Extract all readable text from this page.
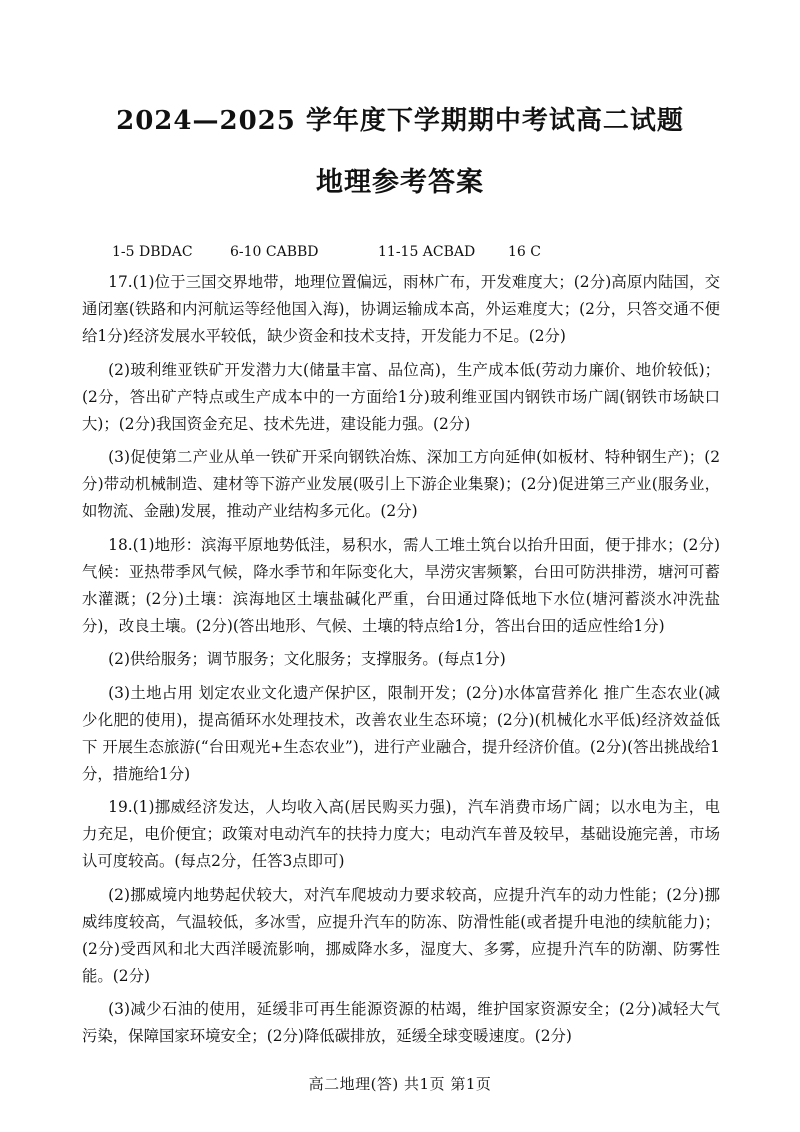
2024—2025 学年度下学期期中考试高二试题
地理参考答案
1-5 DBDAC	6-10 CABBD	11-15 ACBAD 16 C

17.(1)位于三国交界地带，地理位置偏远，雨林广布，开发难度大；(2分)高原内陆国，交通闭塞(铁路和内河航运等经他国入海)，协调运输成本高，外运难度大；(2分，只答交通不便给1分)经济发展水平较低，缺少资金和技术支持，开发能力不足。(2分)

(2)玻利维亚铁矿开发潜力大(储量丰富、品位高)，生产成本低(劳动力廉价、地价较低)；(2分，答出矿产特点或生产成本中的一方面给1分)玻利维亚国内钢铁市场广阔(钢铁市场缺口大)；(2分)我国资金充足、技术先进，建设能力强。(2分)

(3)促使第二产业从单一铁矿开采向钢铁冶炼、深加工方向延伸(如板材、特种钢生产)；(2分)带动机械制造、建材等下游产业发展(吸引上下游企业集聚)；(2分)促进第三产业(服务业，如物流、金融)发展，推动产业结构多元化。(2分)

18.(1)地形：滨海平原地势低洼，易积水，需人工堆土筑台以抬升田面，便于排水；(2分)气候：亚热带季风气候，降水季节和年际变化大，旱涝灾害频繁，台田可防洪排涝，塘河可蓄水灌溉；(2分)土壤：滨海地区土壤盐碱化严重，台田通过降低地下水位(塘河蓄淡水冲洗盐分)，改良土壤。(2分)(答出地形、气候、土壤的特点给1分，答出台田的适应性给1分)

(2)供给服务；调节服务；文化服务；支撑服务。(每点1分)

(3)土地占用 划定农业文化遗产保护区，限制开发；(2分)水体富营养化 推广生态农业(减少化肥的使用)，提高循环水处理技术，改善农业生态环境；(2分)(机械化水平低)经济效益低下 开展生态旅游(“台田观光+生态农业”)，进行产业融合，提升经济价值。(2分)(答出挑战给1分，措施给1分)

19.(1)挪威经济发达，人均收入高(居民购买力强)，汽车消费市场广阔；以水电为主，电力充足，电价便宜；政策对电动汽车的扶持力度大；电动汽车普及较早，基础设施完善，市场认可度较高。(每点2分，任答3点即可)

(2)挪威境内地势起伏较大，对汽车爬坡动力要求较高，应提升汽车的动力性能；(2分)挪威纬度较高，气温较低，多冰雪，应提升汽车的防冻、防滑性能(或者提升电池的续航能力)；(2分)受西风和北大西洋暖流影响，挪威降水多，湿度大、多雾，应提升汽车的防潮、防雾性能。(2分)

(3)减少石油的使用，延缓非可再生能源资源的枯竭，维护国家资源安全；(2分)减轻大气污染，保障国家环境安全；(2分)降低碳排放，延缓全球变暖速度。(2分)

高二地理(答) 共1页 第1页
